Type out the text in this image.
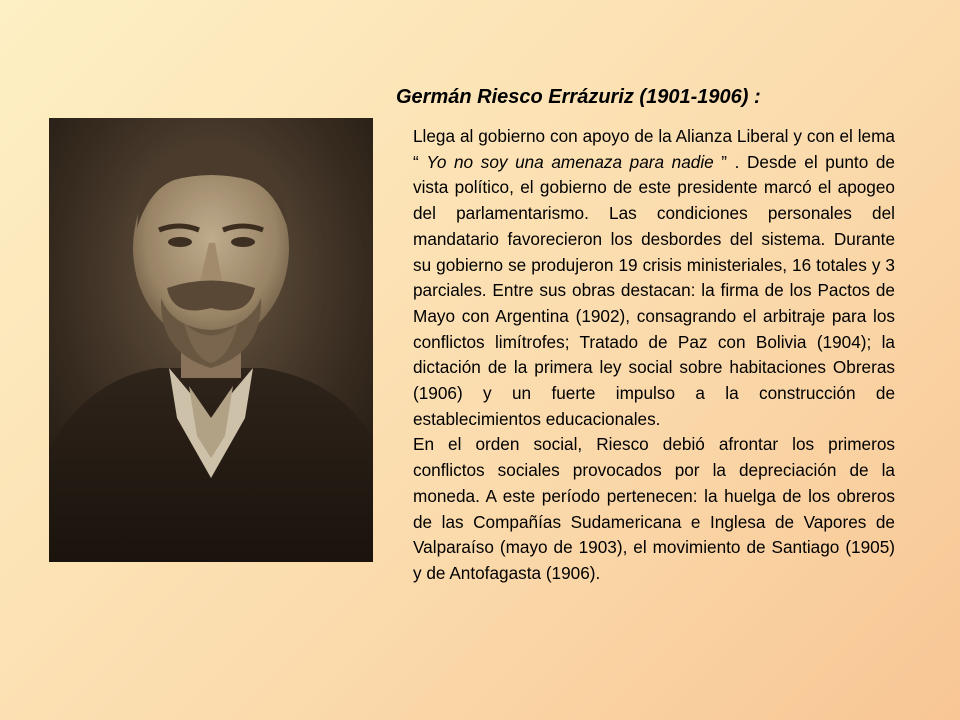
Germán Riesco Errázuriz (1901-1906) :

Llega al gobierno con apoyo de la Alianza Liberal y con el lema “ Yo no soy una amenaza para nadie ” . Desde el punto de vista político, el gobierno de este presidente marcó el apogeo del parlamentarismo. Las condiciones personales del mandatario favorecieron los desbordes del sistema. Durante su gobierno se produjeron 19 crisis ministeriales, 16 totales y 3 parciales. Entre sus obras destacan: la firma de los Pactos de Mayo con Argentina (1902), consagrando el arbitraje para los conflictos limítrofes; Tratado de Paz con Bolivia (1904); la dictación de la primera ley social sobre habitaciones Obreras (1906) y un fuerte impulso a la construcción de establecimientos educacionales.

En el orden social, Riesco debió afrontar los primeros conflictos sociales provocados por la depreciación de la moneda. A este período pertenecen: la huelga de los obreros de las Compañías Sudamericana e Inglesa de Vapores de Valparaíso (mayo de 1903), el movimiento de Santiago (1905) y de Antofagasta (1906).
